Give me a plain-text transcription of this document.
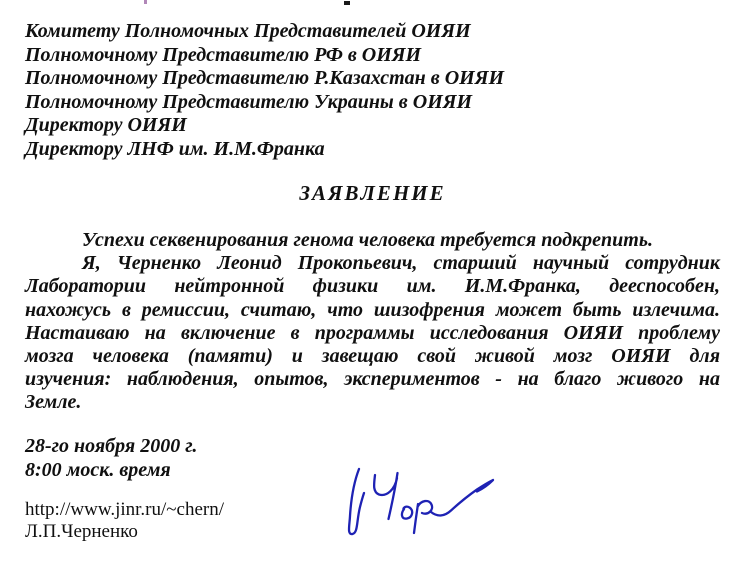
Комитету Полномочных Представителей ОИЯИ
Полномочному Представителю РФ в ОИЯИ
Полномочному Представителю Р.Казахстан в ОИЯИ
Полномочному Представителю Украины в ОИЯИ
Директору ОИЯИ
Директору ЛНФ им. И.М.Франка
ЗАЯВЛЕНИЕ
Успехи секвенирования генома человека требуется подкрепить.
Я, Черненко Леонид Прокопьевич, старший научный сотрудник
Лаборатории нейтронной физики им. И.М.Франка, дееспособен,
нахожусь в ремиссии, считаю, что шизофрения может быть излечима.
Настаиваю на включение в программы исследования ОИЯИ проблему
мозга человека (памяти) и завещаю свой живой мозг ОИЯИ для
изучения: наблюдения, опытов, экспериментов - на благо живого на
Земле.
28-го ноября 2000 г.
8:00 моск. время
http://www.jinr.ru/~chern/
Л.П.Черненко
